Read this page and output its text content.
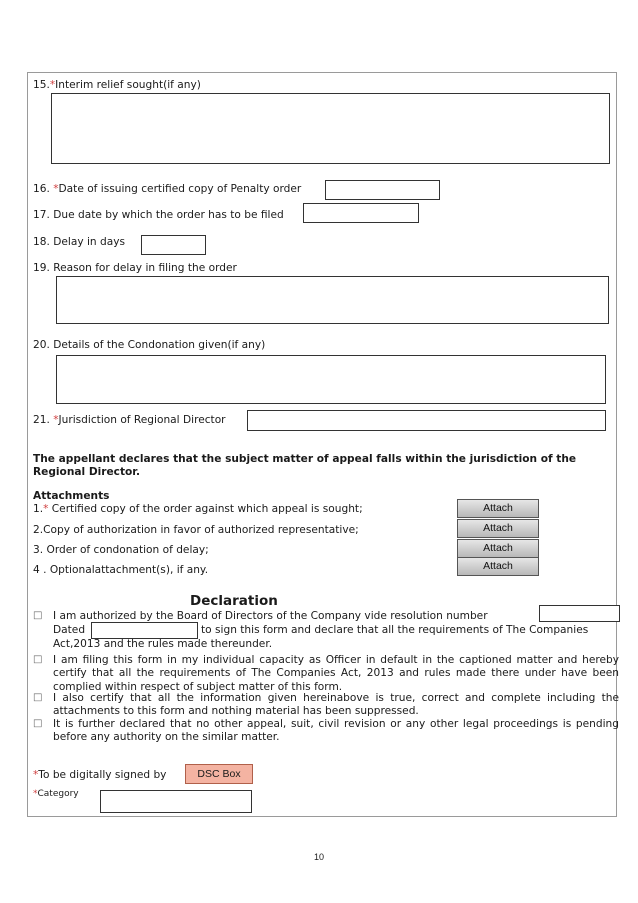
15.*Interim relief sought(if any)
16. *Date of issuing certified copy of Penalty order
17. Due date by which the order has to be filed
18. Delay in days
19. Reason for delay in filing the order
20. Details of the Condonation given(if any)
21. *Jurisdiction of Regional Director
The appellant declares that the subject matter of appeal falls within the jurisdiction of the
Regional Director.
Attachments
1.* Certified copy of the order against which appeal is sought;	Attach
2.Copy of authorization in favor of authorized representative;	Attach
3. Order of condonation of delay;	Attach
4 . Optionalattachment(s), if any.	Attach
Declaration
□ I am authorized by the Board of Directors of the Company vide resolution number
Dated	to sign this form and declare that all the requirements of The Companies
Act,2013 and the rules made thereunder.
□ I am filing this form in my individual capacity as Officer in default in the captioned matter and hereby certify that all the requirements of The Companies Act, 2013 and rules made there under have been complied within respect of subject matter of this form.
□ I also certify that all the information given hereinabove is true, correct and complete including the attachments to this form and nothing material has been suppressed.
□ It is further declared that no other appeal, suit, civil revision or any other legal proceedings is pending before any authority on the similar matter.
*To be digitally signed by	DSC Box
*Category
10
